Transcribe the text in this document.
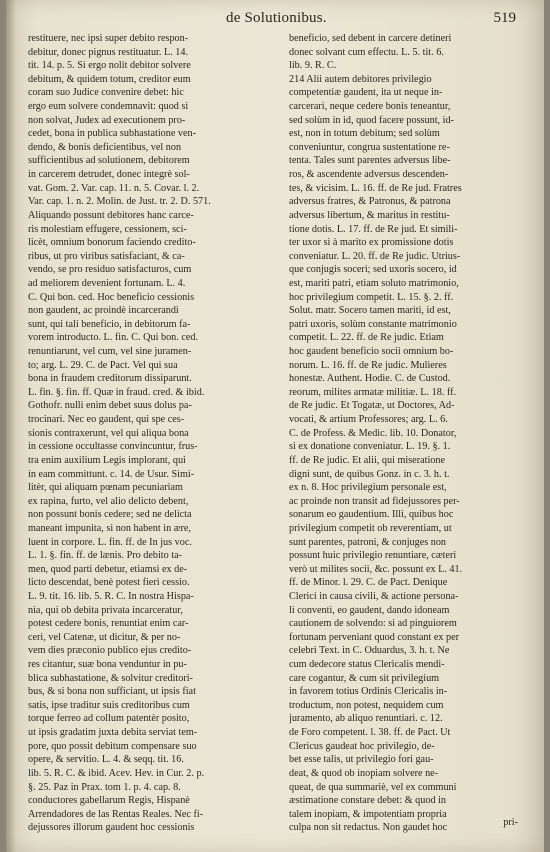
de Solutionibus.	519
restituere, nec ipsi super debito respon-
debitur, donec pignus restituatur. L. 14.
tit. 14. p. 5. Si ergo nolit debitor solvere
debitum, & quidem totum, creditor eum
coram suo Judice convenire debet: hic
ergo eum solvere condemnavit: quod si
non solvat, Judex ad executionem pro-
cedet, bona in publica subhastatione ven-
dendo, & bonis deficientibus, vel non
sufficientibus ad solutionem, debitorem
in carcerem detrudet, donec integrè sol-
vat. Gom. 2. Var. cap. 11. n. 5. Covar. l. 2.
Var. cap. 1. n. 2. Molin. de Just. tr. 2. D. 571.
Aliquando possunt debitores hanc carce-
ris molestiam effugere, cessionem, sci-
licèt, omnium bonorum faciendo credito-
ribus, ut pro viribus satisfaciant, & ca-
vendo, se pro residuo satisfacturos, cum
ad meliorem devenient fortunam. L. 4.
C. Qui bon. ced. Hoc beneficio cessionis
non gaudent, ac proindè incarcerandi
sunt, qui tali beneficio, in debitorum fa-
vorem introducto. L. fin. C. Qui bon. ced.
renuntiarunt, vel cum, vel sine juramen-
to; arg. L. 29. C. de Pact. Vel qui sua
bona in fraudem creditorum dissiparunt.
L. fin. §. fin. ff. Quæ in fraud. cred. & ibid.
Gothofr. nulli enim debet suus dolus pa-
trocinari. Nec eo gaudent, qui spe ces-
sionis contraxerunt, vel qui aliqua bona
in cessione occultasse convincuntur, frus-
tra enim auxilium Legis implorant, qui
in eam committunt. c. 14. de Usur. Simi-
litèr, qui aliquam pœnam pecuniariam
ex rapina, furto, vel alio delicto debent,
non possunt bonis cedere; sed ne delicta
maneant impunita, si non habent in ære,
luent in corpore. L. fin. ff. de In jus voc.
L. 1. §. fin. ff. de lænis. Pro debito ta-
men, quod parti debetur, etiamsi ex de-
licto descendat, benè potest fieri cessio.
L. 9. tit. 16. lib. 5. R. C. In nostra Hispa-
nia, qui ob debita privata incarceratur,
potest cedere bonis, renuntiat enim car-
ceri, vel Catenæ, ut dicitur, & per no-
vem dies præconio publico ejus credito-
res citantur, suæ bona venduntur in pu-
blica subhastatione, & solvitur creditori-
bus, & si bona non sufficiant, ut ipsis fiat
satis, ipse traditur suis creditoribus cum
torque ferreo ad collum patentèr posito,
ut ipsis gradatim juxta debita serviat tem-
pore, quo possit debitum compensare suo
opere, & servitio. L. 4. & seqq. tit. 16.
lib. 5. R. C. & ibid. Acev. Hev. in Cur. 2. p.
§. 25. Paz in Prax. tom 1. p. 4. cap. 8.
conductores gabellarum Regis, Hispanè
Arrendadores de las Rentas Reales. Nec fi-
dejussores illorum gaudent hoc cessionis
beneficio, sed debent in carcere detineri
donec solvant cum effectu. L. 5. tit. 6.
lib. 9. R. C.
214 Alii autem debitores privilegio
competentiæ gaudent, ita ut neque in-
carcerari, neque cedere bonis teneantur,
sed solùm in id, quod facere possunt, id-
est, non in totum debitum; sed solùm
conveniuntur, congrua sustentatione re-
tenta. Tales sunt parentes adversus libe-
ros, & ascendente adversus descenden-
tes, & vicisim. L. 16. ff. de Re jud. Fratres
adversus fratres, & Patronus, & patrona
adversus libertum, & maritus in restitu-
tione dotis. L. 17. ff. de Re jud. Et simili-
ter uxor si à marito ex promissione dotis
conveniatur. L. 20. ff. de Re judic. Utrius-
que conjugis soceri; sed uxoris socero, id
est, mariti patri, etiam soluto matrimonio,
hoc privilegium competit. L. 15. §. 2. ff.
Solut. matr. Socero tamen mariti, id est,
patri uxoris, solùm constante matrimonio
competit. L. 22. ff. de Re judic. Etiam
hoc gaudent beneficio socii omnium bo-
norum. L. 16. ff. de Re judic. Mulieres
honestæ. Authent. Hodie. C. de Custod.
reorum, milites armatæ militiæ. L. 18. ff.
de Re judic. Et Togatæ, ut Doctores, Ad-
vocati, & artium Professores; arg. L. 6.
C. de Profess. & Medic. lib. 10. Donator,
si ex donatione conveniatur. L. 19. §. 1.
ff. de Re judic. Et alii, qui miseratione
digni sunt, de quibus Gonz. in c. 3. h. t.
ex n. 8. Hoc privilegium personale est,
ac proinde non transit ad fidejussores per-
sonarum eo gaudentium. Illi, quibus hoc
privilegium competit ob reverentiam, ut
sunt parentes, patroni, & conjuges non
possunt huic privilegio renuntiare, cæteri
verò ut milites socii, &c. possunt ex L. 41.
ff. de Minor. l. 29. C. de Pact. Denique
Clerici in causa civili, & actione persona-
li conventi, eo gaudent, dando idoneam
cautionem de solvendo: si ad pinguiorem
fortunam perveniant quod constant ex per
celebri Text. in C. Oduardus, 3. h. t. Ne
cum dedecore status Clericalis mendi-
care cogantur, & cum sit privilegium
in favorem totius Ordinis Clericalis in-
troductum, non potest, nequidem cum
juramento, ab aliquo renuntiari. c. 12.
de Foro competent. l. 38. ff. de Pact. Ut
Clericus gaudeat hoc privilegio, de-
bet esse talis, ut privilegio fori gau-
deat, & quod ob inopiam solvere ne-
queat, de qua summariè, vel ex communi
æstimatione constare debet: & quod in
talem inopiam, & impotentiam propria
culpa non sit redactus. Non gaudet hoc	pri-
